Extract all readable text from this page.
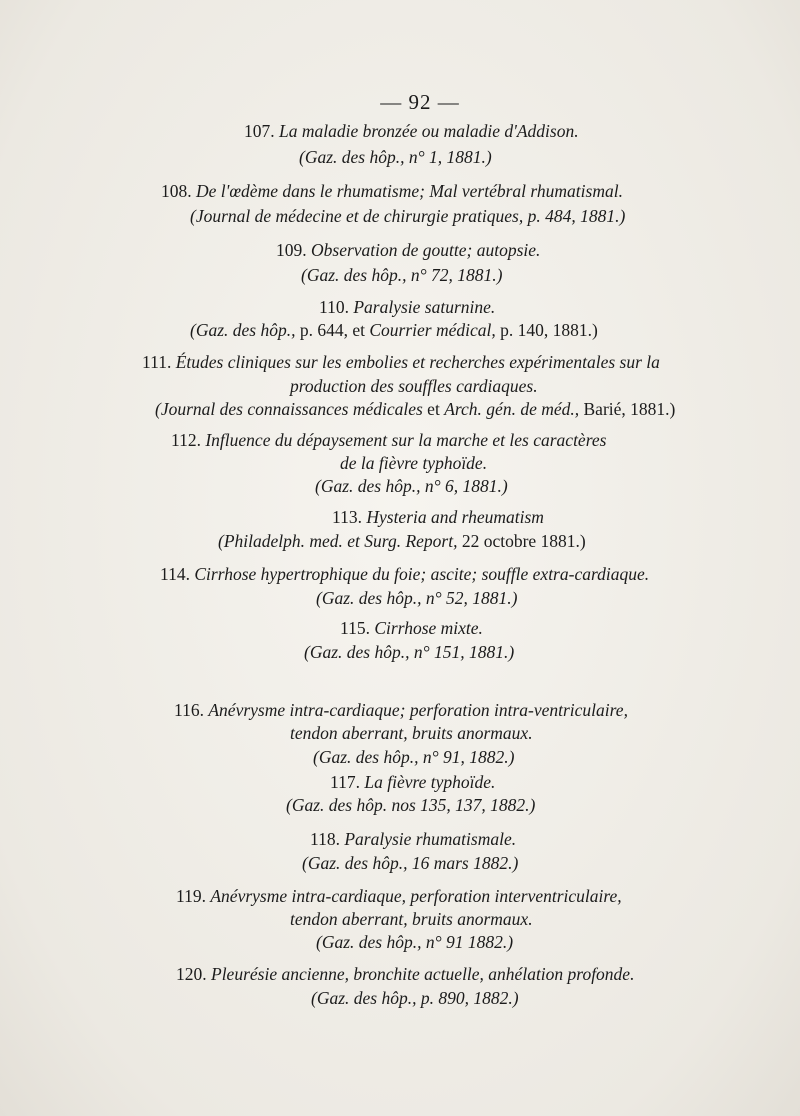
— 92 —
107. La maladie bronzée ou maladie d'Addison.
(Gaz. des hôp., n° 1, 1881.)
108. De l'œdème dans le rhumatisme; Mal vertébral rhumatismal.
(Journal de médecine et de chirurgie pratiques, p. 484, 1881.)
109. Observation de goutte; autopsie.
(Gaz. des hôp., n° 72, 1881.)
110. Paralysie saturnine.
(Gaz. des hôp., p. 644, et Courrier médical, p. 140, 1881.)
111. Études cliniques sur les embolies et recherches expérimentales sur la
production des souffles cardiaques.
(Journal des connaissances médicales et Arch. gén. de méd., Barié, 1881.)
112. Influence du dépaysement sur la marche et les caractères
de la fièvre typhoïde.
(Gaz. des hôp., n° 6, 1881.)
113. Hysteria and rheumatism
(Philadelph. med. et Surg. Report, 22 octobre 1881.)
114. Cirrhose hypertrophique du foie; ascite; souffle extra-cardiaque.
(Gaz. des hôp., n° 52, 1881.)
115. Cirrhose mixte.
(Gaz. des hôp., n° 151, 1881.)
116. Anévrysme intra-cardiaque; perforation intra-ventriculaire,
tendon aberrant, bruits anormaux.
(Gaz. des hôp., n° 91, 1882.)
117. La fièvre typhoïde.
(Gaz. des hôp. nos 135, 137, 1882.)
118. Paralysie rhumatismale.
(Gaz. des hôp., 16 mars 1882.)
119. Anévrysme intra-cardiaque, perforation interventriculaire,
tendon aberrant, bruits anormaux.
(Gaz. des hôp., n° 91 1882.)
120. Pleurésie ancienne, bronchite actuelle, anhélation profonde.
(Gaz. des hôp., p. 890, 1882.)
